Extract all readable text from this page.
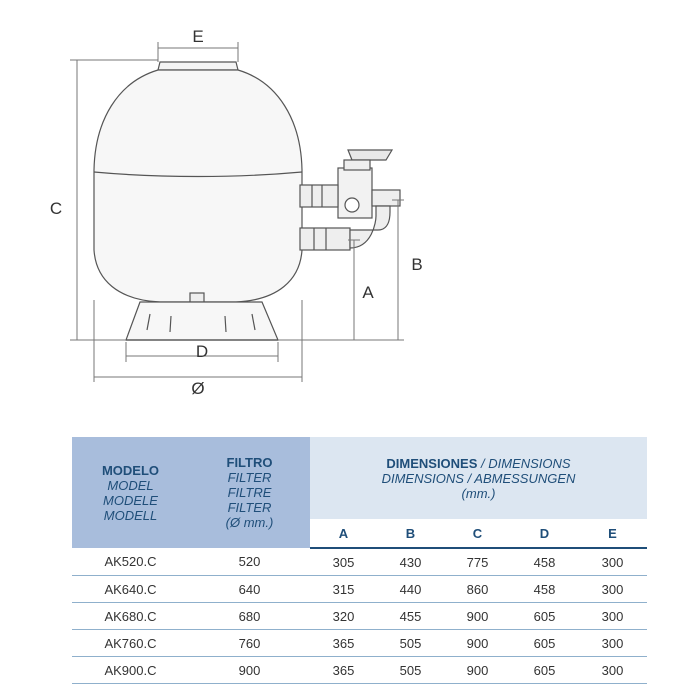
E
C
B
A
D
Ø
MODELO
MODEL
MODELE
MODELL	FILTRO
FILTER
FILTRE
FILTER
(Ø mm.)	DIMENSIONES / DIMENSIONS
DIMENSIONS / ABMESSUNGEN
(mm.)				

		A	B	C	D	E
AK520.C	520	305	430	775	458	300
AK640.C	640	315	440	860	458	300
AK680.C	680	320	455	900	605	300
AK760.C	760	365	505	900	605	300
AK900.C	900	365	505	900	605	300
